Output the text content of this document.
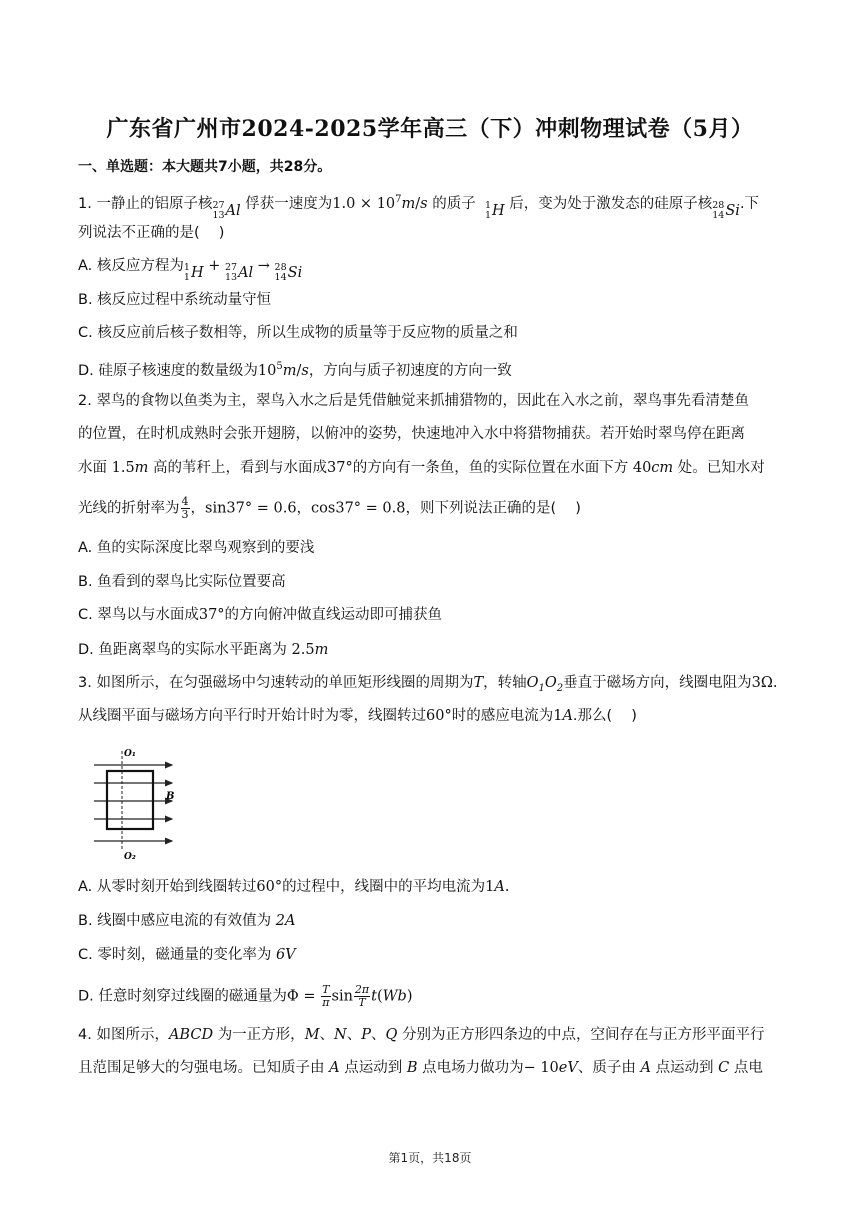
广东省广州市2024-2025学年高三（下）冲刺物理试卷（5月）
一、单选题：本大题共7小题，共28分。
1. 一静止的铝原子核 27
13 Al 俘获一速度为$1.0 \times 10^7m/s$ 的质子 1
1 H 后，变为处于激发态的硅原子核 28
14 Si .下
列说法不正确的是(　 )
A. 核反应方程为 1
1 H + 27
13 Al → 28
14 Si
B. 核反应过程中系统动量守恒
C. 核反应前后核子数相等，所以生成物的质量等于反应物的质量之和
D. 硅原子核速度的数量级为$10^5m/s$，方向与质子初速度的方向一致
2. 翠鸟的食物以鱼类为主，翠鸟入水之后是凭借触觉来抓捕猎物的，因此在入水之前，翠鸟事先看清楚鱼
的位置，在时机成熟时会张开翅膀，以俯冲的姿势，快速地冲入水中将猎物捕获。若开始时翠鸟停在距离
水面 1.5m 高的苇秆上，看到与水面成37°的方向有一条鱼，鱼的实际位置在水面下方 40cm 处。已知水对
光线的折射率为 $\frac{4}{3}$ ，sin37° = 0.6，cos37° = 0.8，则下列说法正确的是(　 )
A. 鱼的实际深度比翠鸟观察到的要浅
B. 鱼看到的翠鸟比实际位置要高
C. 翠鸟以与水面成37°的方向俯冲做直线运动即可捕获鱼
D. 鱼距离翠鸟的实际水平距离为 2.5m
3. 如图所示，在匀强磁场中匀速转动的单匝矩形线圈的周期为T，转轴$O_1O_2$垂直于磁场方向，线圈电阻为3Ω.
从线圈平面与磁场方向平行时开始计时为零，线圈转过60°时的感应电流为1A.那么(　 )
O₁
O₂
B
A. 从零时刻开始到线圈转过60°的过程中，线圈中的平均电流为1A.
B. 线圈中感应电流的有效值为 2A
C. 零时刻，磁通量的变化率为 6V
D. 任意时刻穿过线圈的磁通量为$\Phi = \frac{T}{\pi}$ $\sin \frac{2\pi}{T} t(Wb)$
4. 如图所示，ABCD 为一正方形，M、N、P、Q 分别为正方形四条边的中点，空间存在与正方形平面平行
且范围足够大的匀强电场。已知质子由 A 点运动到 B 点电场力做功为− 10eV、质子由 A 点运动到 C 点电
第1页，共18页
